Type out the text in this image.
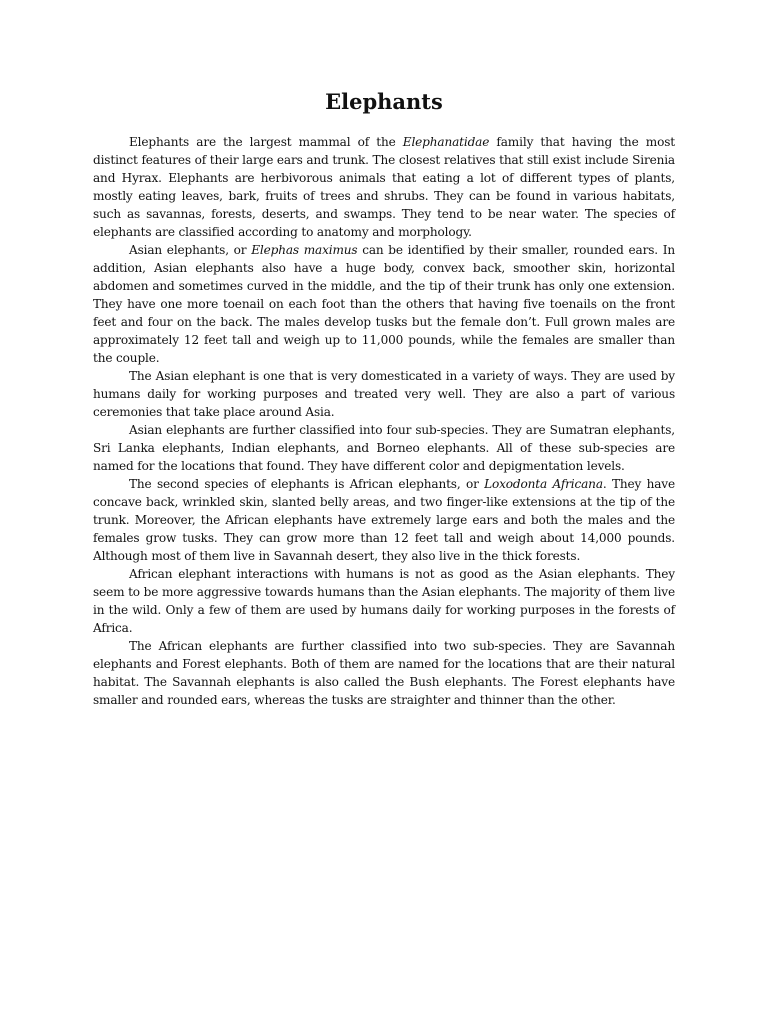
Elephants

Elephants are the largest mammal of the Elephanatidae family that having the most distinct features of their large ears and trunk. The closest relatives that still exist include Sirenia and Hyrax. Elephants are herbivorous animals that eating a lot of different types of plants, mostly eating leaves, bark, fruits of trees and shrubs. They can be found in various habitats, such as savannas, forests, deserts, and swamps. They tend to be near water. The species of elephants are classified according to anatomy and morphology.

Asian elephants, or Elephas maximus can be identified by their smaller, rounded ears. In addition, Asian elephants also have a huge body, convex back, smoother skin, horizontal abdomen and sometimes curved in the middle, and the tip of their trunk has only one extension. They have one more toenail on each foot than the others that having five toenails on the front feet and four on the back. The males develop tusks but the female don’t. Full grown males are approximately 12 feet tall and weigh up to 11,000 pounds, while the females are smaller than the couple.

The Asian elephant is one that is very domesticated in a variety of ways. They are used by humans daily for working purposes and treated very well. They are also a part of various ceremonies that take place around Asia.

Asian elephants are further classified into four sub-species. They are Sumatran elephants, Sri Lanka elephants, Indian elephants, and Borneo elephants. All of these sub-species are named for the locations that found. They have different color and depigmentation levels.

The second species of elephants is African elephants, or Loxodonta Africana. They have concave back, wrinkled skin, slanted belly areas, and two finger-like extensions at the tip of the trunk. Moreover, the African elephants have extremely large ears and both the males and the females grow tusks. They can grow more than 12 feet tall and weigh about 14,000 pounds. Although most of them live in Savannah desert, they also live in the thick forests.

African elephant interactions with humans is not as good as the Asian elephants. They seem to be more aggressive towards humans than the Asian elephants. The majority of them live in the wild. Only a few of them are used by humans daily for working purposes in the forests of Africa.

The African elephants are further classified into two sub-species. They are Savannah elephants and Forest elephants. Both of them are named for the locations that are their natural habitat. The Savannah elephants is also called the Bush elephants. The Forest elephants have smaller and rounded ears, whereas the tusks are straighter and thinner than the other.
